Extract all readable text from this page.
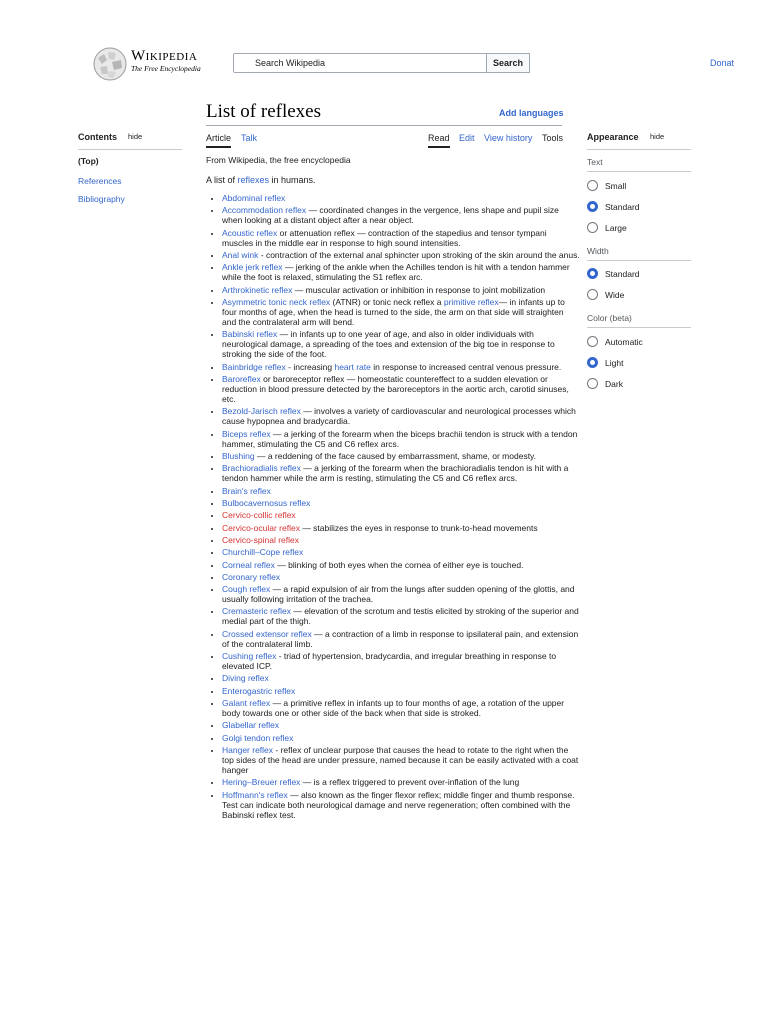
Wikipedia
The Free Encyclopedia
Search Wikipedia	Search	Donat
List of reflexes	Add languages
Article Talk	Read Edit View history Tools
From Wikipedia, the free encyclopedia
Contents hide
(Top)
References
Bibliography
Appearance hide
Text
Small
Standard
Large
Width
Standard
Wide
Color (beta)
Automatic
Light
Dark
A list of reflexes in humans.
• Abdominal reflex
• Accommodation reflex — coordinated changes in the vergence, lens shape and pupil size when looking at a distant object after a near object.
• Acoustic reflex or attenuation reflex — contraction of the stapedius and tensor tympani muscles in the middle ear in response to high sound intensities.
• Anal wink - contraction of the external anal sphincter upon stroking of the skin around the anus.
• Ankle jerk reflex — jerking of the ankle when the Achilles tendon is hit with a tendon hammer while the foot is relaxed, stimulating the S1 reflex arc.
• Arthrokinetic reflex — muscular activation or inhibition in response to joint mobilization
• Asymmetric tonic neck reflex (ATNR) or tonic neck reflex a primitive reflex— in infants up to four months of age, when the head is turned to the side, the arm on that side will straighten and the contralateral arm will bend.
• Babinski reflex — in infants up to one year of age, and also in older individuals with neurological damage, a spreading of the toes and extension of the big toe in response to stroking the side of the foot.
• Bainbridge reflex - increasing heart rate in response to increased central venous pressure.
• Baroreflex or baroreceptor reflex — homeostatic countereffect to a sudden elevation or reduction in blood pressure detected by the baroreceptors in the aortic arch, carotid sinuses, etc.
• Bezold-Jarisch reflex — involves a variety of cardiovascular and neurological processes which cause hypopnea and bradycardia.
• Biceps reflex — a jerking of the forearm when the biceps brachii tendon is struck with a tendon hammer, stimulating the C5 and C6 reflex arcs.
• Blushing — a reddening of the face caused by embarrassment, shame, or modesty.
• Brachioradialis reflex — a jerking of the forearm when the brachioradialis tendon is hit with a tendon hammer while the arm is resting, stimulating the C5 and C6 reflex arcs.
• Brain's reflex
• Bulbocavernosus reflex
• Cervico-collic reflex
• Cervico-ocular reflex — stabilizes the eyes in response to trunk-to-head movements
• Cervico-spinal reflex
• Churchill–Cope reflex
• Corneal reflex — blinking of both eyes when the cornea of either eye is touched.
• Coronary reflex
• Cough reflex — a rapid expulsion of air from the lungs after sudden opening of the glottis, and usually following irritation of the trachea.
• Cremasteric reflex — elevation of the scrotum and testis elicited by stroking of the superior and medial part of the thigh.
• Crossed extensor reflex — a contraction of a limb in response to ipsilateral pain, and extension of the contralateral limb.
• Cushing reflex - triad of hypertension, bradycardia, and irregular breathing in response to elevated ICP.
• Diving reflex
• Enterogastric reflex
• Galant reflex — a primitive reflex in infants up to four months of age, a rotation of the upper body towards one or other side of the back when that side is stroked.
• Glabellar reflex
• Golgi tendon reflex
• Hanger reflex - reflex of unclear purpose that causes the head to rotate to the right when the top sides of the head are under pressure, named because it can be easily activated with a coat hanger
• Hering–Breuer reflex — is a reflex triggered to prevent over-inflation of the lung
• Hoffmann's reflex — also known as the finger flexor reflex; middle finger and thumb response. Test can indicate both neurological damage and nerve regeneration; often combined with the Babinski reflex test.
